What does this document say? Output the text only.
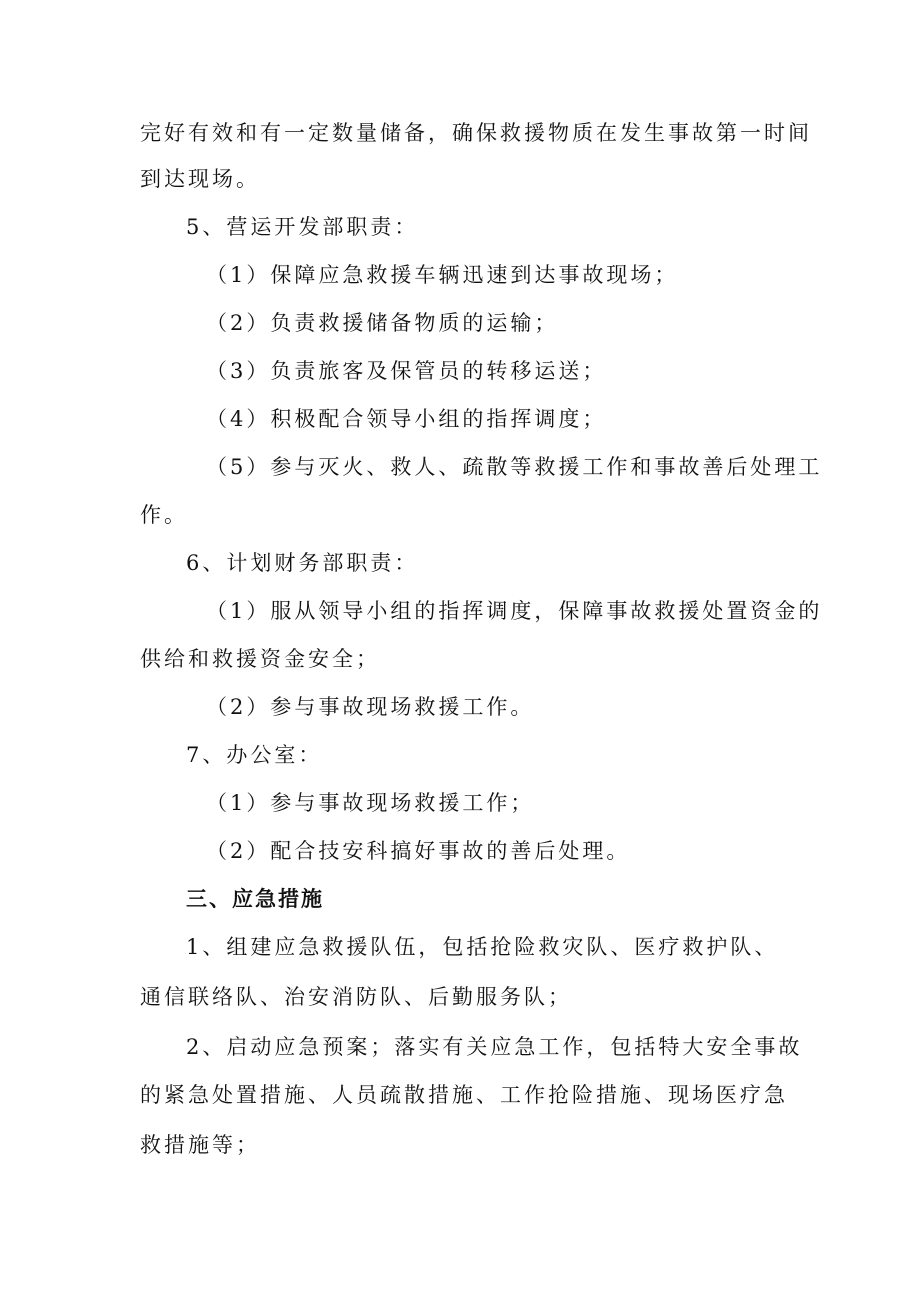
完好有效和有一定数量储备，确保救援物质在发生事故第一时间
到达现场。
5、营运开发部职责：
（1）保障应急救援车辆迅速到达事故现场；
（2）负责救援储备物质的运输；
（3）负责旅客及保管员的转移运送；
（4）积极配合领导小组的指挥调度；
（5）参与灭火、救人、疏散等救援工作和事故善后处理工
作。
6、计划财务部职责：
（1）服从领导小组的指挥调度，保障事故救援处置资金的
供给和救援资金安全；
（2）参与事故现场救援工作。
7、办公室：
（1）参与事故现场救援工作；
（2）配合技安科搞好事故的善后处理。
三、应急措施
1、组建应急救援队伍，包括抢险救灾队、医疗救护队、
通信联络队、治安消防队、后勤服务队；
2、启动应急预案；落实有关应急工作，包括特大安全事故
的紧急处置措施、人员疏散措施、工作抢险措施、现场医疗急
救措施等；
